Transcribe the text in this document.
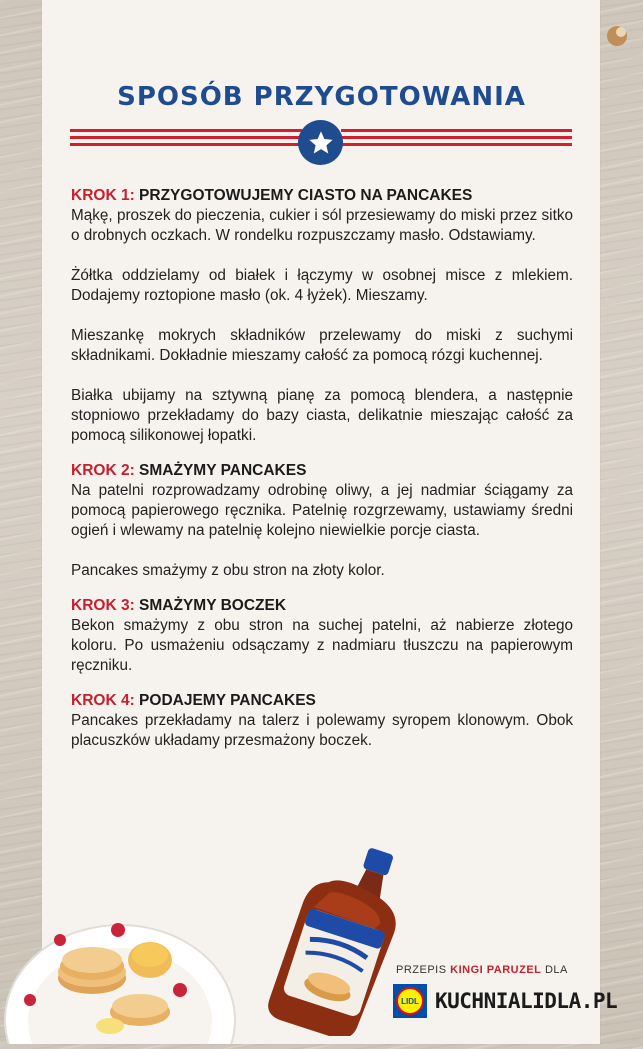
SPOSÓB PRZYGOTOWANIA
KROK 1: PRZYGOTOWUJEMY CIASTO NA PANCAKES

Mąkę, proszek do pieczenia, cukier i sól przesiewamy do miski przez sitko o drobnych oczkach. W rondelku rozpuszczamy masło. Odstawiamy.

Żółtka oddzielamy od białek i łączymy w osobnej misce z mlekiem. Dodajemy roztopione masło (ok. 4 łyżek). Mieszamy.

Mieszankę mokrych składników przelewamy do miski z suchymi składnikami. Dokładnie mieszamy całość za pomocą rózgi kuchennej.

Białka ubijamy na sztywną pianę za pomocą blendera, a następnie stopniowo przekładamy do bazy ciasta, delikatnie mieszając całość za pomocą silikonowej łopatki.

KROK 2: SMAŻYMY PANCAKES

Na patelni rozprowadzamy odrobinę oliwy, a jej nadmiar ściągamy za pomocą papierowego ręcznika. Patelnię rozgrzewamy, ustawiamy średni ogień i wlewamy na patelnię kolejno niewielkie porcje ciasta.

Pancakes smażymy z obu stron na złoty kolor.

KROK 3: SMAŻYMY BOCZEK

Bekon smażymy z obu stron na suchej patelni, aż nabierze złotego koloru. Po usmażeniu odsączamy z nadmiaru tłuszczu na papierowym ręczniku.

KROK 4: PODAJEMY PANCAKES

Pancakes przekładamy na talerz i polewamy syropem klonowym. Obok placuszków układamy przesmażony boczek.

PRZEPIS KINGI PARUZEL DLA
LIDL KUCHNIALIDLA.PL
